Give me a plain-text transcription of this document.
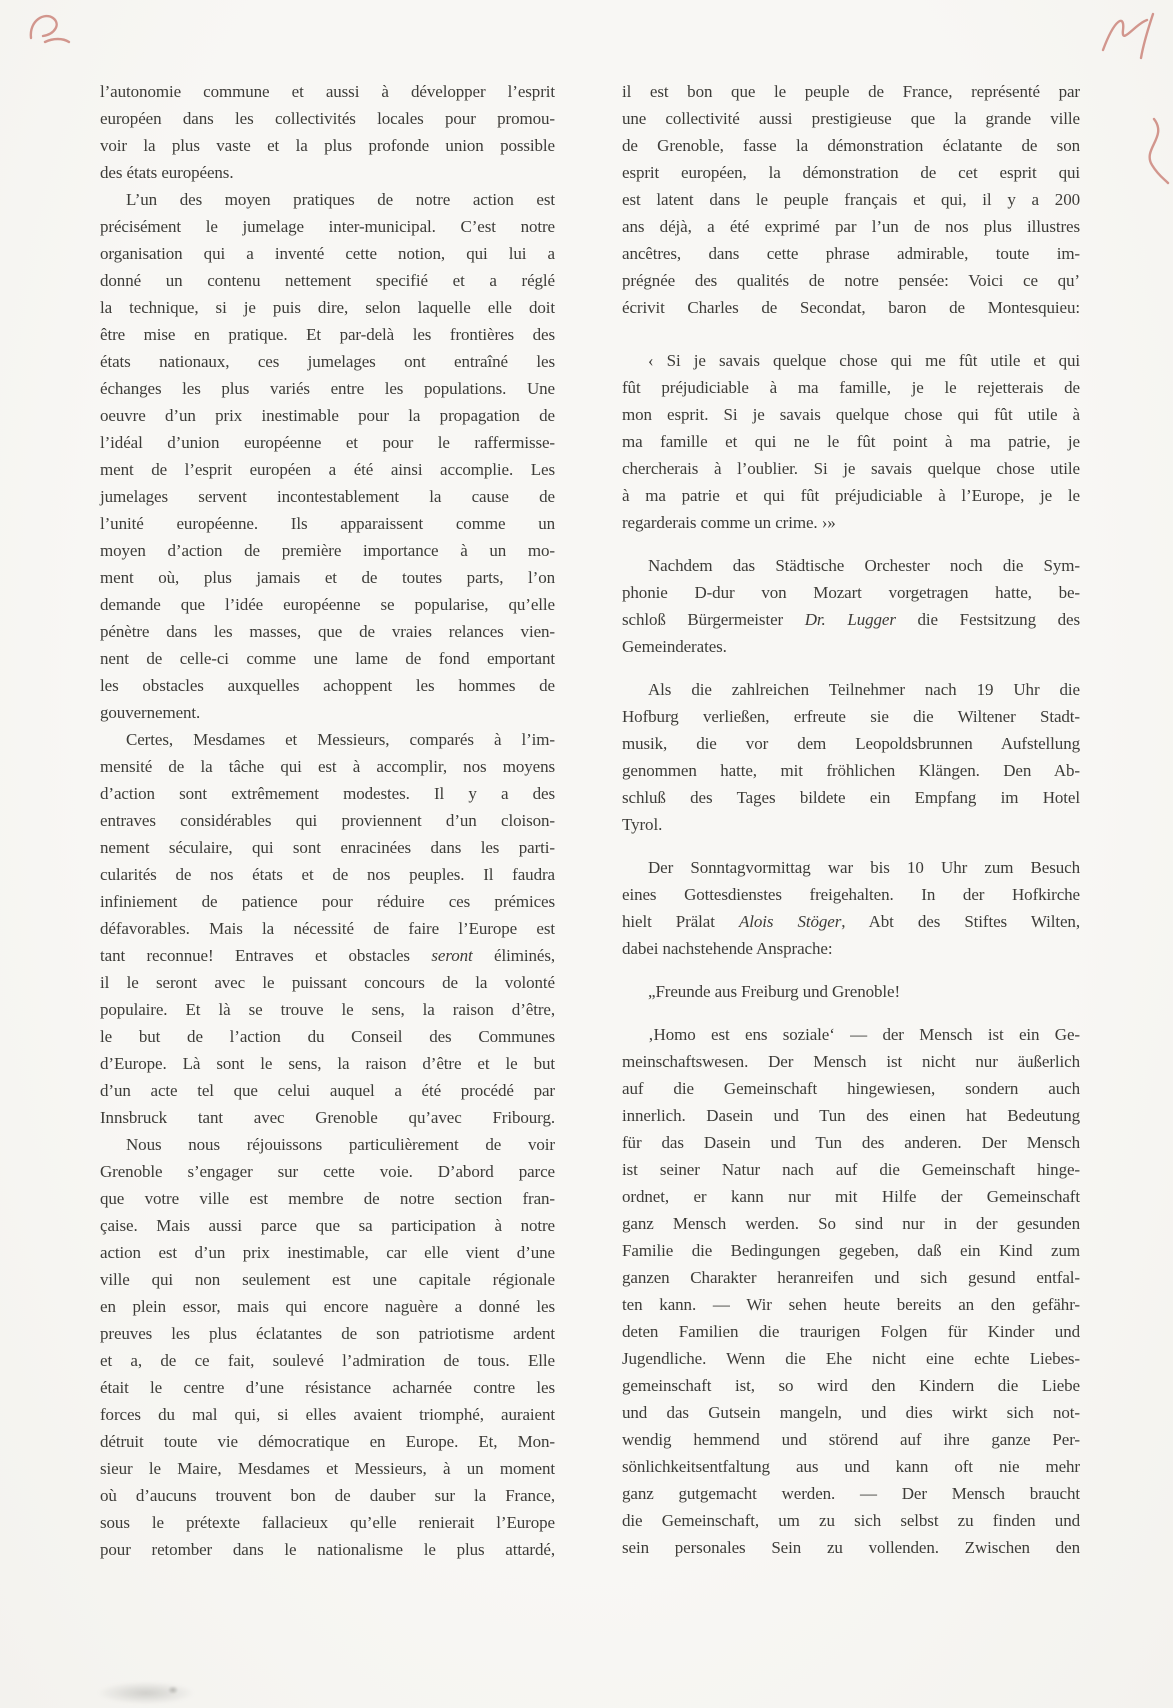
l’autonomie commune et aussi à développer l’esprit
européen dans les collectivités locales pour promou-
voir la plus vaste et la plus profonde union possible
des états européens.
L’un des moyen pratiques de notre action est
précisément le jumelage inter-municipal. C’est notre
organisation qui a inventé cette notion, qui lui a
donné un contenu nettement specifié et a réglé
la technique, si je puis dire, selon laquelle elle doit
être mise en pratique. Et par-delà les frontières des
états nationaux, ces jumelages ont entraîné les
échanges les plus variés entre les populations. Une
oeuvre d’un prix inestimable pour la propagation de
l’idéal d’union européenne et pour le raffermisse-
ment de l’esprit européen a été ainsi accomplie. Les
jumelages servent incontestablement la cause de
l’unité européenne. Ils apparaissent comme un
moyen d’action de première importance à un mo-
ment où, plus jamais et de toutes parts, l’on
demande que l’idée européenne se popularise, qu’elle
pénètre dans les masses, que de vraies relances vien-
nent de celle-ci comme une lame de fond emportant
les obstacles auxquelles achoppent les hommes de
gouvernement.
Certes, Mesdames et Messieurs, comparés à l’im-
mensité de la tâche qui est à accomplir, nos moyens
d’action sont extrêmement modestes. Il y a des
entraves considérables qui proviennent d’un cloison-
nement séculaire, qui sont enracinées dans les parti-
cularités de nos états et de nos peuples. Il faudra
infiniement de patience pour réduire ces prémices
défavorables. Mais la nécessité de faire l’Europe est
tant reconnue! Entraves et obstacles seront éliminés,
il le seront avec le puissant concours de la volonté
populaire. Et là se trouve le sens, la raison d’être,
le but de l’action du Conseil des Communes
d’Europe. Là sont le sens, la raison d’être et le but
d’un acte tel que celui auquel a été procédé par
Innsbruck tant avec Grenoble qu’avec Fribourg.
Nous nous réjouissons particulièrement de voir
Grenoble s’engager sur cette voie. D’abord parce
que votre ville est membre de notre section fran-
çaise. Mais aussi parce que sa participation à notre
action est d’un prix inestimable, car elle vient d’une
ville qui non seulement est une capitale régionale
en plein essor, mais qui encore naguère a donné les
preuves les plus éclatantes de son patriotisme ardent
et a, de ce fait, soulevé l’admiration de tous. Elle
était le centre d’une résistance acharnée contre les
forces du mal qui, si elles avaient triomphé, auraient
détruit toute vie démocratique en Europe. Et, Mon-
sieur le Maire, Mesdames et Messieurs, à un moment
où d’aucuns trouvent bon de dauber sur la France,
sous le prétexte fallacieux qu’elle renierait l’Europe
pour retomber dans le nationalisme le plus attardé,
il est bon que le peuple de France, représenté par
une collectivité aussi prestigieuse que la grande ville
de Grenoble, fasse la démonstration éclatante de son
esprit européen, la démonstration de cet esprit qui
est latent dans le peuple français et qui, il y a 200
ans déjà, a été exprimé par l’un de nos plus illustres
ancêtres, dans cette phrase admirable, toute im-
prégnée des qualités de notre pensée: Voici ce qu’
écrivit Charles de Secondat, baron de Montesquieu:
‹ Si je savais quelque chose qui me fût utile et qui
fût préjudiciable à ma famille, je le rejetterais de
mon esprit. Si je savais quelque chose qui fût utile à
ma famille et qui ne le fût point à ma patrie, je
chercherais à l’oublier. Si je savais quelque chose utile
à ma patrie et qui fût préjudiciable à l’Europe, je le
regarderais comme un crime. ›»
Nachdem das Städtische Orchester noch die Sym-
phonie D-dur von Mozart vorgetragen hatte, be-
schloß Bürgermeister Dr. Lugger die Festsitzung des
Gemeinderates.
Als die zahlreichen Teilnehmer nach 19 Uhr die
Hofburg verließen, erfreute sie die Wiltener Stadt-
musik, die vor dem Leopoldsbrunnen Aufstellung
genommen hatte, mit fröhlichen Klängen. Den Ab-
schluß des Tages bildete ein Empfang im Hotel
Tyrol.
Der Sonntagvormittag war bis 10 Uhr zum Besuch
eines Gottesdienstes freigehalten. In der Hofkirche
hielt Prälat Alois Stöger, Abt des Stiftes Wilten,
dabei nachstehende Ansprache:
„Freunde aus Freiburg und Grenoble!
‚Homo est ens soziale‘ — der Mensch ist ein Ge-
meinschaftswesen. Der Mensch ist nicht nur äußerlich
auf die Gemeinschaft hingewiesen, sondern auch
innerlich. Dasein und Tun des einen hat Bedeutung
für das Dasein und Tun des anderen. Der Mensch
ist seiner Natur nach auf die Gemeinschaft hinge-
ordnet, er kann nur mit Hilfe der Gemeinschaft
ganz Mensch werden. So sind nur in der gesunden
Familie die Bedingungen gegeben, daß ein Kind zum
ganzen Charakter heranreifen und sich gesund entfal-
ten kann. — Wir sehen heute bereits an den gefähr-
deten Familien die traurigen Folgen für Kinder und
Jugendliche. Wenn die Ehe nicht eine echte Liebes-
gemeinschaft ist, so wird den Kindern die Liebe
und das Gutsein mangeln, und dies wirkt sich not-
wendig hemmend und störend auf ihre ganze Per-
sönlichkeitsentfaltung aus und kann oft nie mehr
ganz gutgemacht werden. — Der Mensch braucht
die Gemeinschaft, um zu sich selbst zu finden und
sein personales Sein zu vollenden. Zwischen den
